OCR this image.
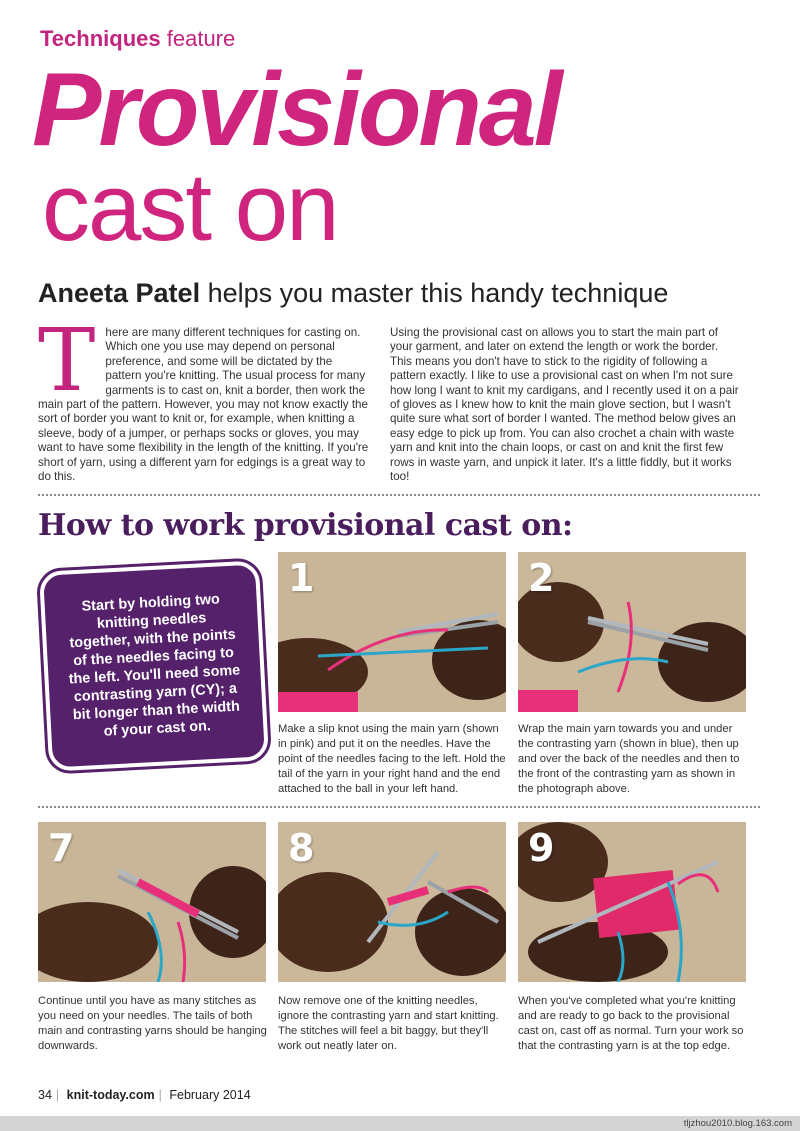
Techniques feature
Provisional
cast on
Aneeta Patel helps you master this handy technique
T here are many different techniques for casting on. Which one you use may depend on personal preference, and some will be dictated by the pattern you're knitting. The usual process for many garments is to cast on, knit a border, then work the main part of the pattern. However, you may not know exactly the sort of border you want to knit or, for example, when knitting a sleeve, body of a jumper, or perhaps socks or gloves, you may want to have some flexibility in the length of the knitting. If you're short of yarn, using a different yarn for edgings is a great way to do this.
Using the provisional cast on allows you to start the main part of your garment, and later on extend the length or work the border. This means you don't have to stick to the rigidity of following a pattern exactly. I like to use a provisional cast on when I'm not sure how long I want to knit my cardigans, and I recently used it on a pair of gloves as I knew how to knit the main glove section, but I wasn't quite sure what sort of border I wanted. The method below gives an easy edge to pick up from. You can also crochet a chain with waste yarn and knit into the chain loops, or cast on and knit the first few rows in waste yarn, and unpick it later. It's a little fiddly, but it works too!
How to work provisional cast on:
Start by holding two knitting needles together, with the points of the needles facing to the left. You'll need some contrasting yarn (CY); a bit longer than the width of your cast on.
1
Make a slip knot using the main yarn (shown in pink) and put it on the needles. Have the point of the needles facing to the left. Hold the tail of the yarn in your right hand and the end attached to the ball in your left hand.
2
Wrap the main yarn towards you and under the contrasting yarn (shown in blue), then up and over the back of the needles and then to the front of the contrasting yarn as shown in the photograph above.
7
Continue until you have as many stitches as you need on your needles. The tails of both main and contrasting yarns should be hanging downwards.
8
Now remove one of the knitting needles, ignore the contrasting yarn and start knitting. The stitches will feel a bit baggy, but they'll work out neatly later on.
9
When you've completed what you're knitting and are ready to go back to the provisional cast on, cast off as normal. Turn your work so that the contrasting yarn is at the top edge.
34 | knit-today.com | February 2014
tljzhou2010.blog.163.com
